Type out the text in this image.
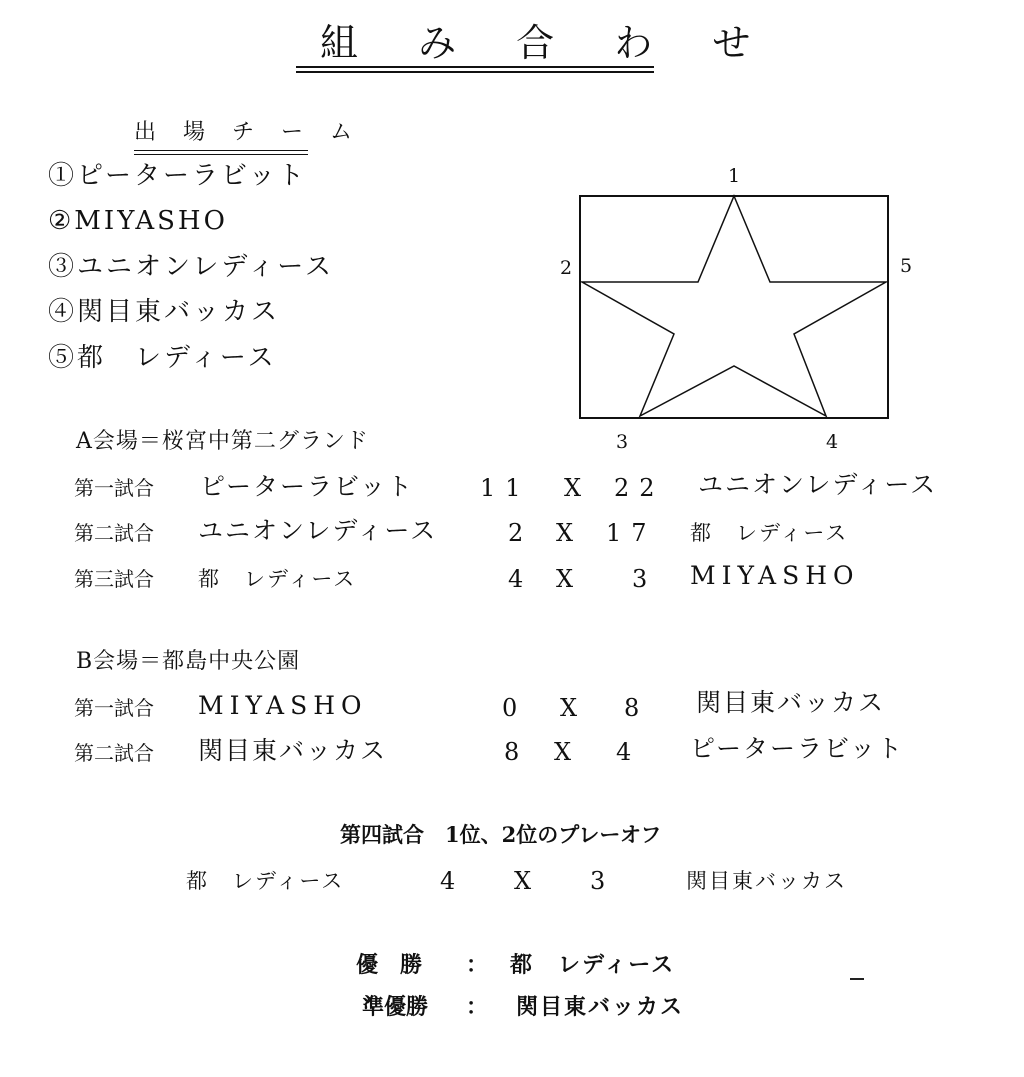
組 み 合 わ せ
出 場 チ ー ム
①ピーターラビット
②MIYASHO
③ユニオンレディース
④関目東バッカス
⑤都　レディース
1
2
3	4
5
A会場＝桜宮中第二グランド
第一試合 ピーターラビット	11 X 22 ユニオンレディース
第二試合 ユニオンレディース	2 X 17 都　レディース
第三試合 都　レディース	4 X 3 MIYASHO
B会場＝都島中央公園
第一試合 MIYASHO	0 X 8 関目東バッカス
第二試合 関目東バッカス	8 X 4 ピーターラビット
第四試合　1位、2位のプレーオフ
都　レディース	4 X 3	関目東バッカス
優　勝 ： 都　レディース
準優勝 ： 関目東バッカス
